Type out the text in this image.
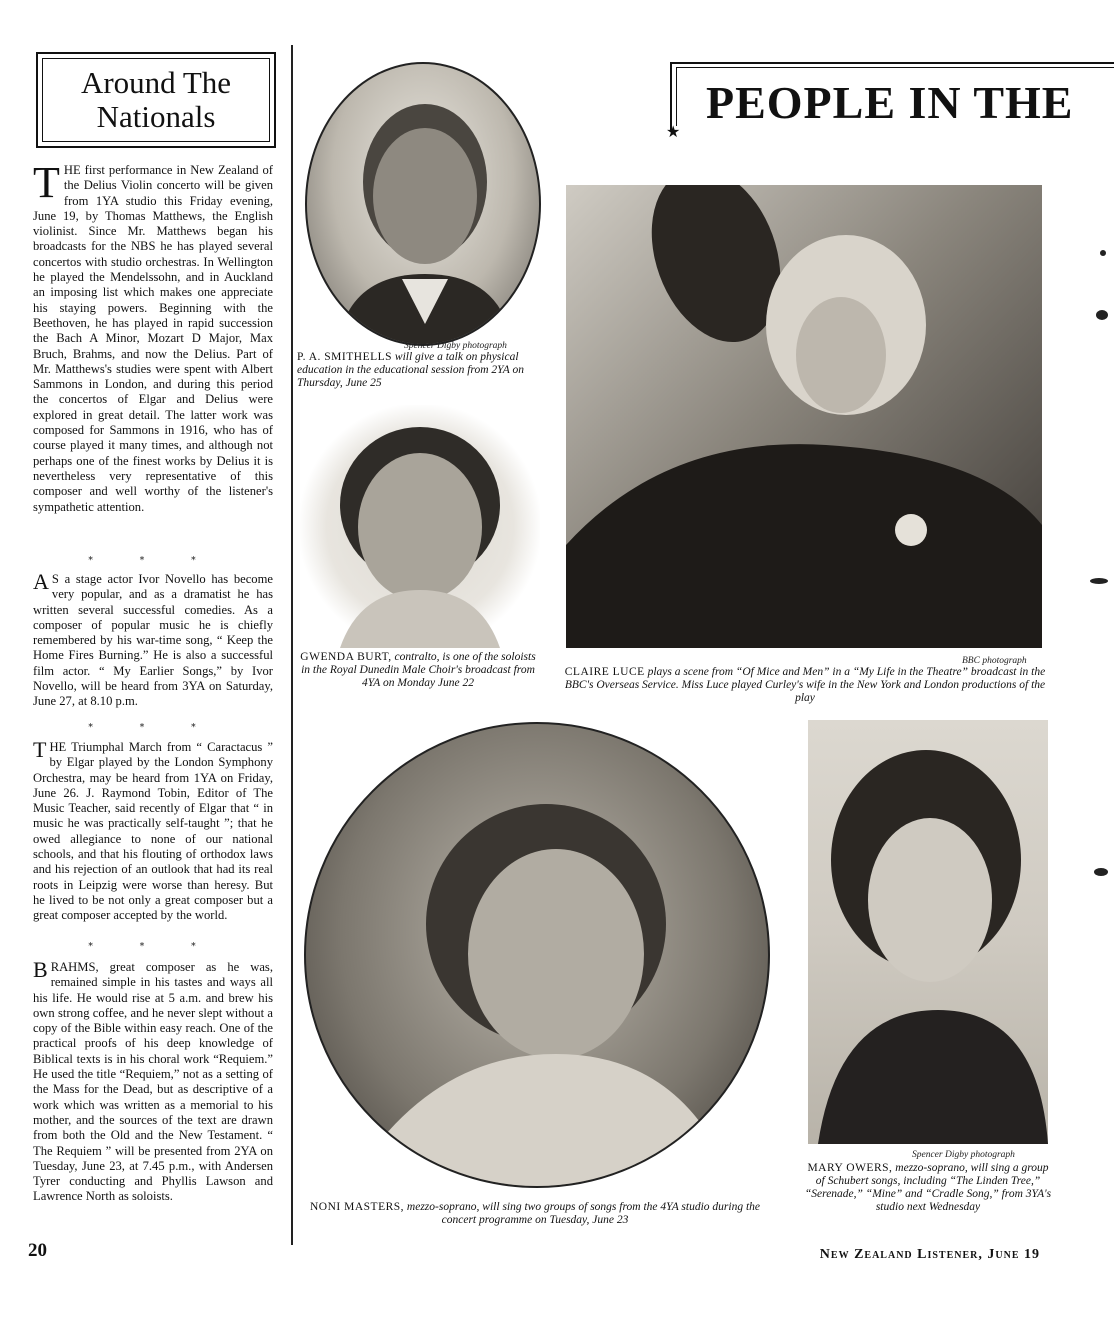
Around The
Nationals
T HE first performance in New Zealand of the Delius Violin concerto will be given from 1YA studio this Friday evening, June 19, by Thomas Matthews, the English violinist. Since Mr. Matthews began his broadcasts for the NBS he has played several concertos with studio orchestras. In Wellington he played the Mendelssohn, and in Auckland an imposing list which makes one appreciate his staying powers. Beginning with the Beethoven, he has played in rapid succession the Bach A Minor, Mozart D Major, Max Bruch, Brahms, and now the Delius. Part of Mr. Matthews's studies were spent with Albert Sammons in London, and during this period the concertos of Elgar and Delius were explored in great detail. The latter work was composed for Sammons in 1916, who has of course played it many times, and although not perhaps one of the finest works by Delius it is nevertheless very representative of this composer and well worthy of the listener's sympathetic attention.
* * *
A S a stage actor Ivor Novello has become very popular, and as a dramatist he has written several successful comedies. As a composer of popular music he is chiefly remembered by his war-time song, “ Keep the Home Fires Burning.” He is also a successful film actor. “ My Earlier Songs,” by Ivor Novello, will be heard from 3YA on Saturday, June 27, at 8.10 p.m.
* * *
T HE Triumphal March from “ Caractacus ” by Elgar played by the London Symphony Orchestra, may be heard from 1YA on Friday, June 26. J. Raymond Tobin, Editor of The Music Teacher, said recently of Elgar that “ in music he was practically self-taught ”; that he owed allegiance to none of our national schools, and that his flouting of orthodox laws and his rejection of an outlook that had its real roots in Leipzig were worse than heresy. But he lived to be not only a great composer but a great composer accepted by the world.
* * *
B RAHMS, great composer as he was, remained simple in his tastes and ways all his life. He would rise at 5 a.m. and brew his own strong coffee, and he never slept without a copy of the Bible within easy reach. One of the practical proofs of his deep knowledge of Biblical texts is in his choral work “Requiem.” He used the title “Requiem,” not as a setting of the Mass for the Dead, but as descriptive of a work which was written as a memorial to his mother, and the sources of the text are drawn from both the Old and the New Testament. “ The Requiem ” will be presented from 2YA on Tuesday, June 23, at 7.45 p.m., with Andersen Tyrer conducting and Phyllis Lawson and Lawrence North as soloists.
PEOPLE IN THE
★
Spencer Digby photograph
P. A. SMITHELLS will give a talk on physical education in the educational session from 2YA on Thursday, June 25
GWENDA BURT, contralto, is one of the soloists in the Royal Dunedin Male Choir's broadcast from 4YA on Monday June 22
BBC photograph
CLAIRE LUCE plays a scene from “Of Mice and Men” in a “My Life in the Theatre” broadcast in the BBC's Overseas Service. Miss Luce played Curley's wife in the New York and London productions of the play
NONI MASTERS, mezzo-soprano, will sing two groups of songs from the 4YA studio during the concert programme on Tuesday, June 23
Spencer Digby photograph
MARY OWERS, mezzo-soprano, will sing a group of Schubert songs, including “The Linden Tree,” “Serenade,” “Mine” and “Cradle Song,” from 3YA's studio next Wednesday
20	New Zealand Listener, June 19
